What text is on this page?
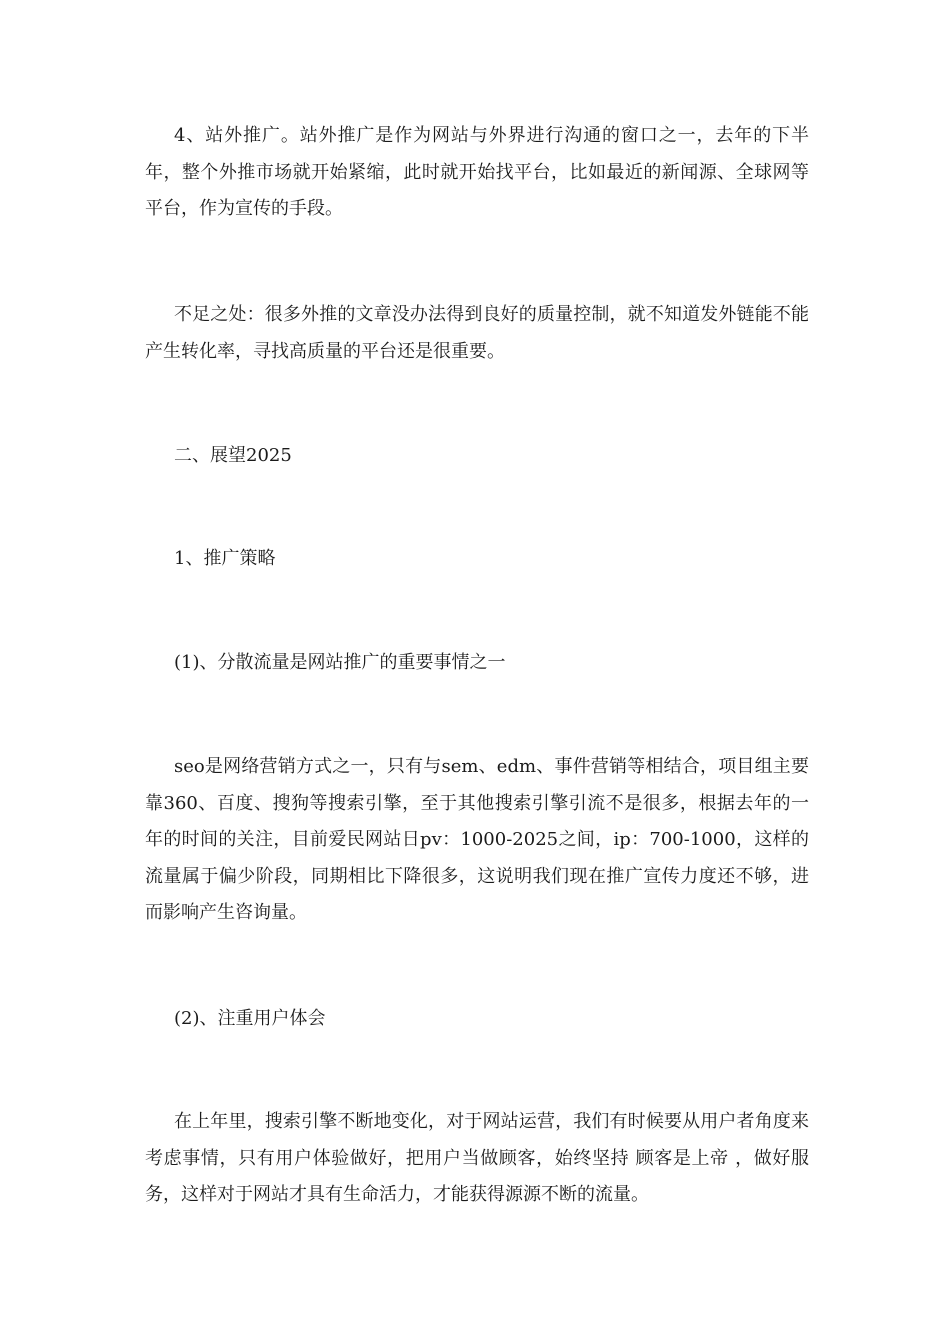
4、站外推广。站外推广是作为网站与外界进行沟通的窗口之一，去年的下半年，整个外推市场就开始紧缩，此时就开始找平台，比如最近的新闻源、全球网等平台，作为宣传的手段。

不足之处：很多外推的文章没办法得到良好的质量控制，就不知道发外链能不能产生转化率，寻找高质量的平台还是很重要。

二、展望2025

1、推广策略

(1)、分散流量是网站推广的重要事情之一

seo是网络营销方式之一，只有与sem、edm、事件营销等相结合，项目组主要靠360、百度、搜狗等搜索引擎，至于其他搜索引擎引流不是很多，根据去年的一年的时间的关注，目前爱民网站日pv：1000-2025之间，ip：700-1000，这样的流量属于偏少阶段，同期相比下降很多，这说明我们现在推广宣传力度还不够，进而影响产生咨询量。

(2)、注重用户体会

在上年里，搜索引擎不断地变化，对于网站运营，我们有时候要从用户者角度来考虑事情，只有用户体验做好，把用户当做顾客，始终坚持 顾客是上帝 ，做好服务，这样对于网站才具有生命活力，才能获得源源不断的流量。
